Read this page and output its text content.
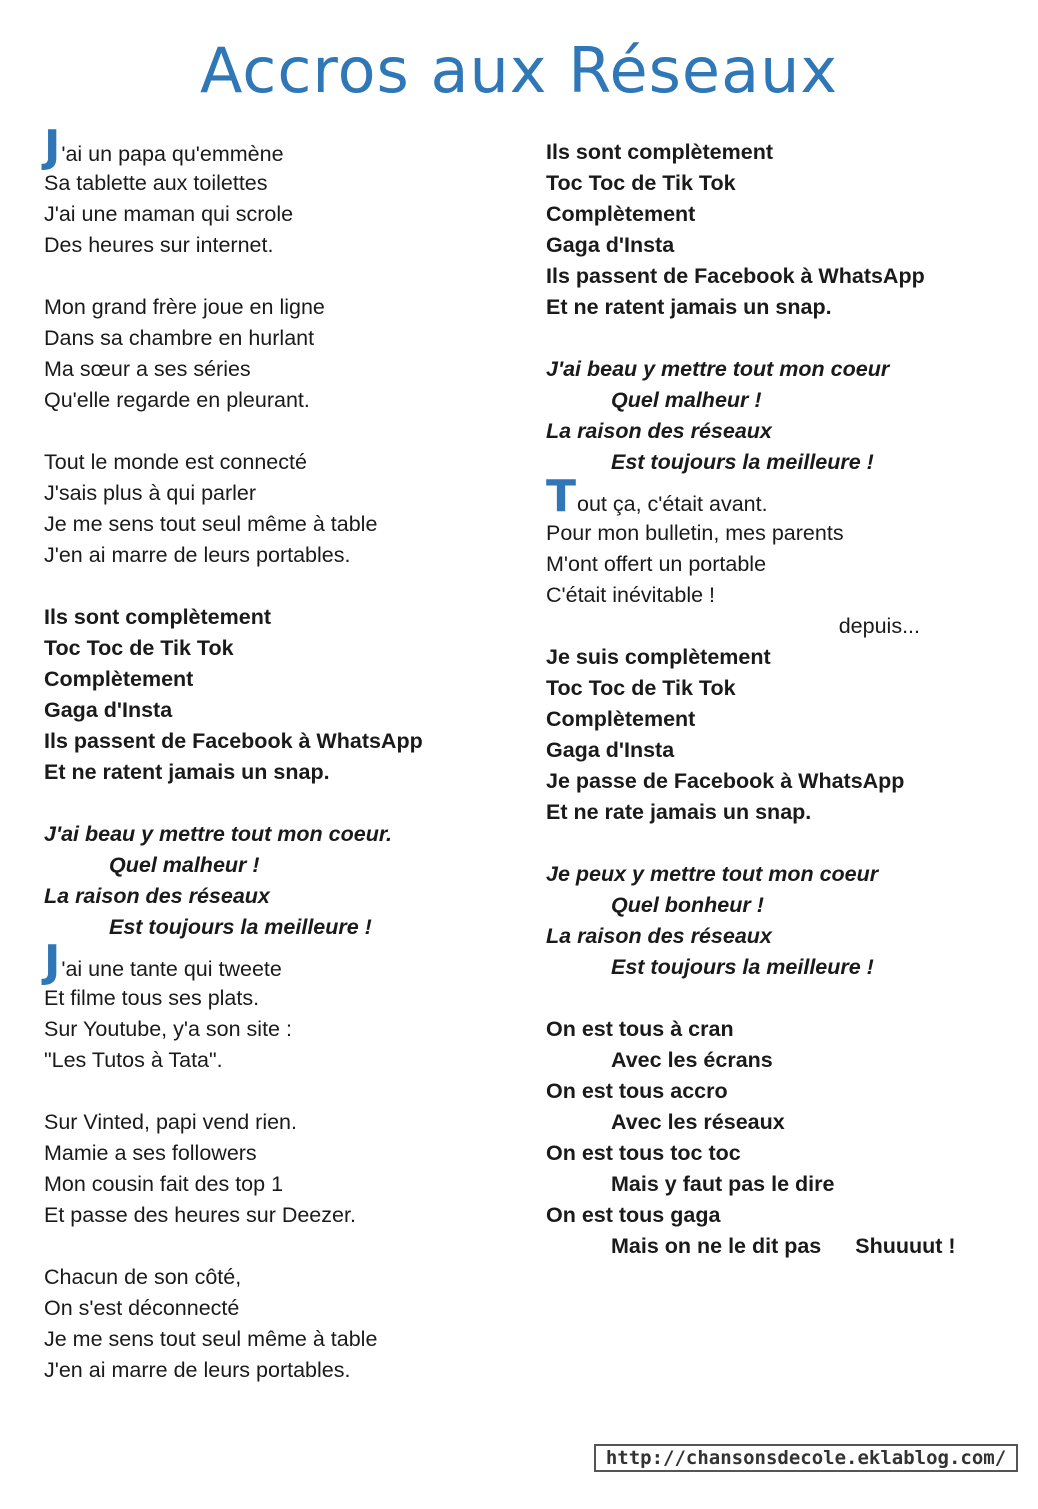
Accros aux Réseaux
J'ai un papa qu'emmène
Sa tablette aux toilettes
J'ai une maman qui scrole
Des heures sur internet.
Mon grand frère joue en ligne
Dans sa chambre en hurlant
Ma sœur a ses séries
Qu'elle regarde en pleurant.
Tout le monde est connecté
J'sais plus à qui parler
Je me sens tout seul même à table
J'en ai marre de leurs portables.
Ils sont complètement
Toc Toc de Tik Tok
Complètement
Gaga d'Insta
Ils passent de Facebook à WhatsApp
Et ne ratent jamais un snap.
J'ai beau y mettre tout mon coeur.
Quel malheur !
La raison des réseaux
Est toujours la meilleure !
J'ai une tante qui tweete
Et filme tous ses plats.
Sur Youtube, y'a son site :
"Les Tutos à Tata".
Sur Vinted, papi vend rien.
Mamie a ses followers
Mon cousin fait des top 1
Et passe des heures sur Deezer.
Chacun de son côté,
On s'est déconnecté
Je me sens tout seul même à table
J'en ai marre de leurs portables.
Ils sont complètement
Toc Toc de Tik Tok
Complètement
Gaga d'Insta
Ils passent de Facebook à WhatsApp
Et ne ratent jamais un snap.
J'ai beau y mettre tout mon coeur
Quel malheur !
La raison des réseaux
Est toujours la meilleure !
Tout ça, c'était avant.
Pour mon bulletin, mes parents
M'ont offert un portable
C'était inévitable !
depuis...
Je suis complètement
Toc Toc de Tik Tok
Complètement
Gaga d'Insta
Je passe de Facebook à WhatsApp
Et ne rate jamais un snap.
Je peux y mettre tout mon coeur
Quel bonheur !
La raison des réseaux
Est toujours la meilleure !
On est tous à cran
Avec les écrans
On est tous accro
Avec les réseaux
On est tous toc toc
Mais y faut pas le dire
On est tous gaga
Mais on ne le dit pas Shuuuut !
http://chansonsdecole.eklablog.com/
